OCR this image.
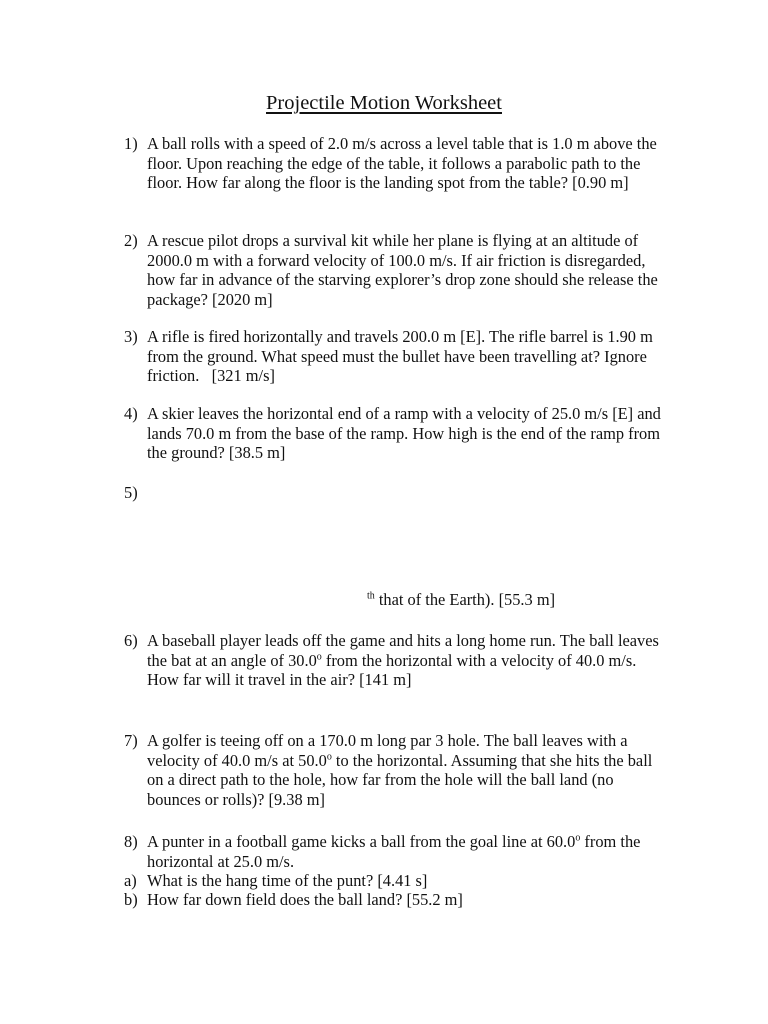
Projectile Motion Worksheet
1) A ball rolls with a speed of 2.0 m/s across a level table that is 1.0 m above the floor. Upon reaching the edge of the table, it follows a parabolic path to the floor. How far along the floor is the landing spot from the table? [0.90 m]
2) A rescue pilot drops a survival kit while her plane is flying at an altitude of 2000.0 m with a forward velocity of 100.0 m/s. If air friction is disregarded, how far in advance of the starving explorer’s drop zone should she release the package? [2020 m]
3) A rifle is fired horizontally and travels 200.0 m [E]. The rifle barrel is 1.90 m from the ground. What speed must the bullet have been travelling at? Ignore friction.   [321 m/s]
4) A skier leaves the horizontal end of a ramp with a velocity of 25.0 m/s [E] and lands 70.0 m from the base of the ramp. How high is the end of the ramp from the ground? [38.5 m]
5)
$^{th}$ that of the Earth). [55.3 m]
6) A baseball player leads off the game and hits a long home run. The ball leaves the bat at an angle of 30.0$^o$ from the horizontal with a velocity of 40.0 m/s. How far will it travel in the air? [141 m]
7) A golfer is teeing off on a 170.0 m long par 3 hole. The ball leaves with a velocity of 40.0 m/s at 50.0$^o$ to the horizontal. Assuming that she hits the ball on a direct path to the hole, how far from the hole will the ball land (no bounces or rolls)? [9.38 m]
8) A punter in a football game kicks a ball from the goal line at 60.0$^o$ from the horizontal at 25.0 m/s.
a) What is the hang time of the punt? [4.41 s]
b) How far down field does the ball land? [55.2 m]
